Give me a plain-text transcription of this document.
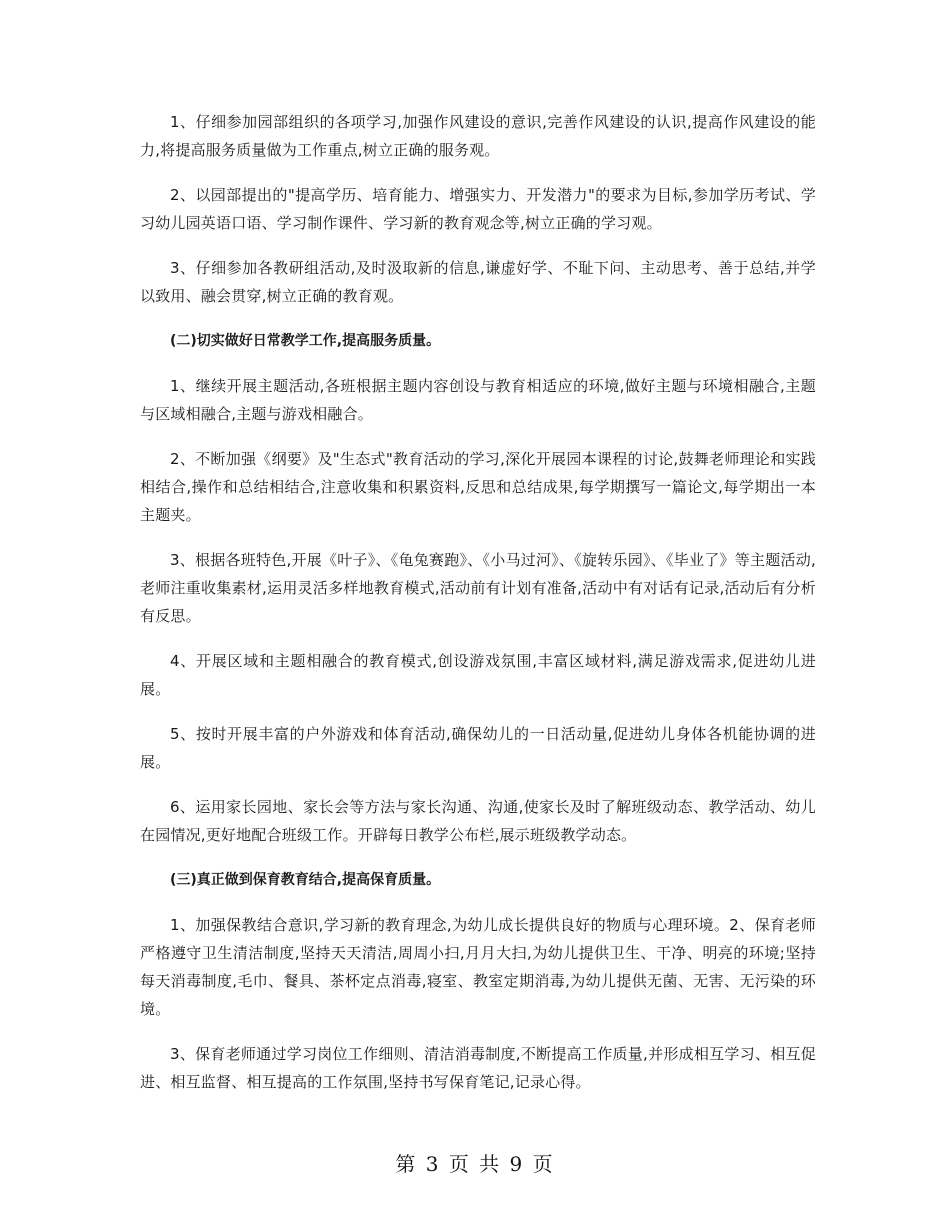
1、仔细参加园部组织的各项学习,加强作风建设的意识,完善作风建设的认识,提高作风建设的能力,将提高服务质量做为工作重点,树立正确的服务观。

2、以园部提出的"提高学历、培育能力、增强实力、开发潜力"的要求为目标,参加学历考试、学习幼儿园英语口语、学习制作课件、学习新的教育观念等,树立正确的学习观。

3、仔细参加各教研组活动,及时汲取新的信息,谦虚好学、不耻下问、主动思考、善于总结,并学以致用、融会贯穿,树立正确的教育观。

(二)切实做好日常教学工作,提高服务质量。

1、继续开展主题活动,各班根据主题内容创设与教育相适应的环境,做好主题与环境相融合,主题与区域相融合,主题与游戏相融合。

2、不断加强《纲要》及"生态式"教育活动的学习,深化开展园本课程的讨论,鼓舞老师理论和实践相结合,操作和总结相结合,注意收集和积累资料,反思和总结成果,每学期撰写一篇论文,每学期出一本主题夹。

3、根据各班特色,开展《叶子》、《龟兔赛跑》、《小马过河》、《旋转乐园》、《毕业了》等主题活动,老师注重收集素材,运用灵活多样地教育模式,活动前有计划有准备,活动中有对话有记录,活动后有分析有反思。

4、开展区域和主题相融合的教育模式,创设游戏氛围,丰富区域材料,满足游戏需求,促进幼儿进展。

5、按时开展丰富的户外游戏和体育活动,确保幼儿的一日活动量,促进幼儿身体各机能协调的进展。

6、运用家长园地、家长会等方法与家长沟通、沟通,使家长及时了解班级动态、教学活动、幼儿在园情况,更好地配合班级工作。开辟每日教学公布栏,展示班级教学动态。

(三)真正做到保育教育结合,提高保育质量。

1、加强保教结合意识,学习新的教育理念,为幼儿成长提供良好的物质与心理环境。2、保育老师严格遵守卫生清洁制度,坚持天天清洁,周周小扫,月月大扫,为幼儿提供卫生、干净、明亮的环境;坚持每天消毒制度,毛巾、餐具、茶杯定点消毒,寝室、教室定期消毒,为幼儿提供无菌、无害、无污染的环境。

3、保育老师通过学习岗位工作细则、清洁消毒制度,不断提高工作质量,并形成相互学习、相互促进、相互监督、相互提高的工作氛围,坚持书写保育笔记,记录心得。

第 3 页 共 9 页
